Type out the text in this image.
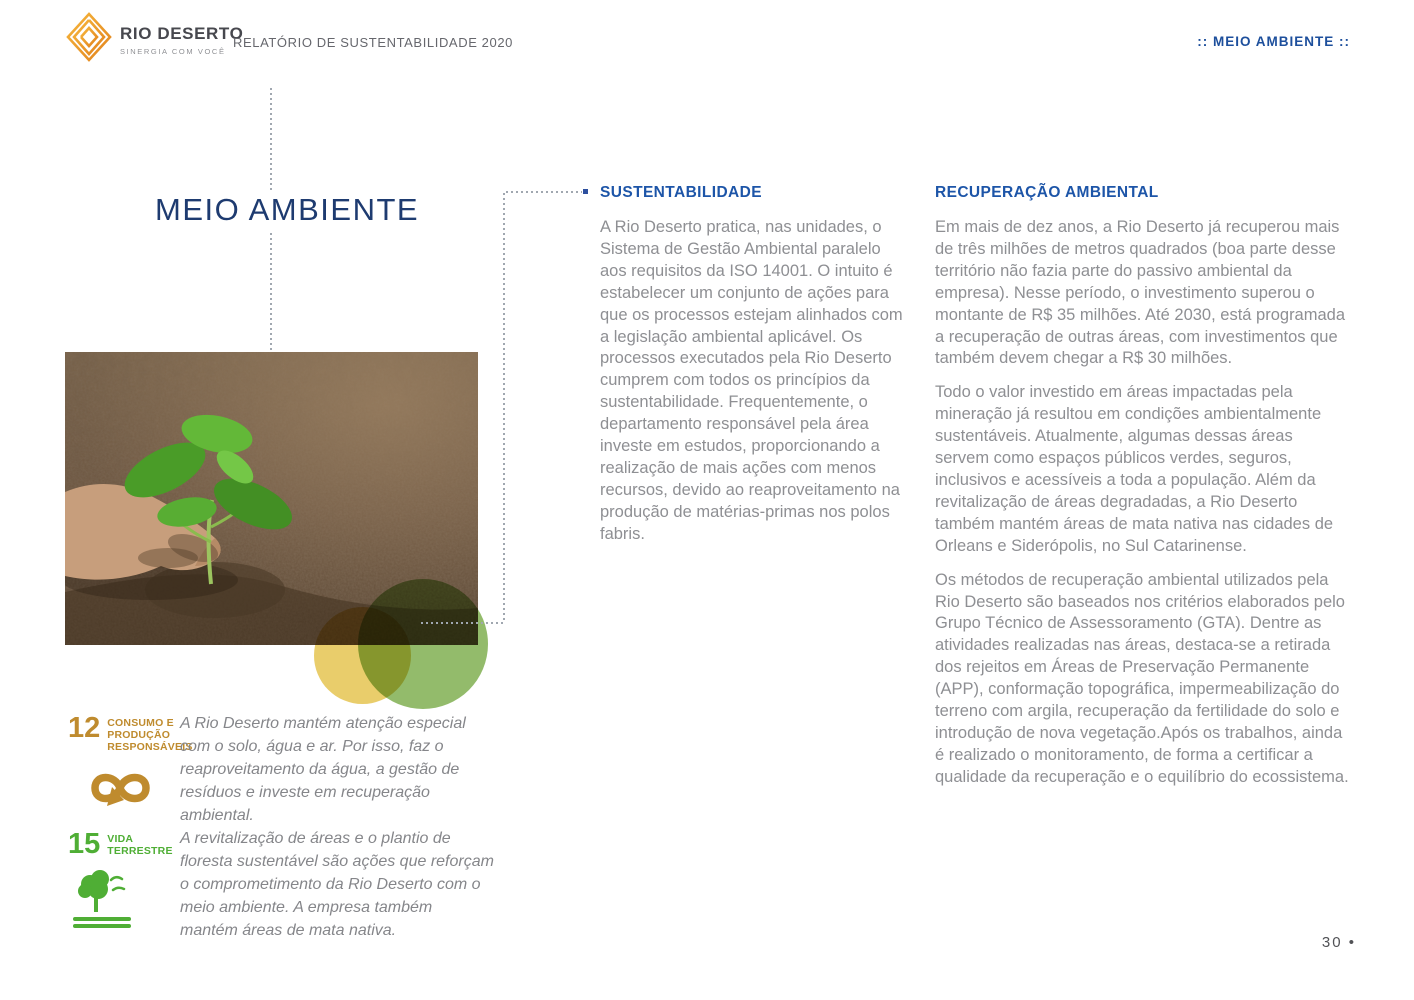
RIO DESERTO
SINERGIA COM VOCÊ
RELATÓRIO DE SUSTENTABILIDADE 2020	:: MEIO AMBIENTE ::
MEIO AMBIENTE	SUSTENTABILIDADE

A Rio Deserto pratica, nas unidades, o Sistema de Gestão Ambiental paralelo aos requisitos da ISO 14001. O intuito é estabelecer um conjunto de ações para que os processos estejam alinhados com a legislação ambiental aplicável. Os processos executados pela Rio Deserto cumprem com todos os princípios da sustentabilidade. Frequentemente, o departamento responsável pela área investe em estudos, proporcionando a realização de mais ações com menos recursos, devido ao reaproveitamento na produção de matérias-primas nos polos fabris.

RECUPERAÇÃO AMBIENTAL

Em mais de dez anos, a Rio Deserto já recuperou mais de três milhões de metros quadrados (boa parte desse território não fazia parte do passivo ambiental da empresa). Nesse período, o investimento superou o montante de R$ 35 milhões. Até 2030, está programada a recuperação de outras áreas, com investimentos que também devem chegar a R$ 30 milhões.

Todo o valor investido em áreas impactadas pela mineração já resultou em condições ambientalmente sustentáveis. Atualmente, algumas dessas áreas servem como espaços públicos verdes, seguros, inclusivos e acessíveis a toda a população. Além da revitalização de áreas degradadas, a Rio Deserto também mantém áreas de mata nativa nas cidades de Orleans e Siderópolis, no Sul Catarinense.

Os métodos de recuperação ambiental utilizados pela Rio Deserto são baseados nos critérios elaborados pelo Grupo Técnico de Assessoramento (GTA). Dentre as atividades realizadas nas áreas, destaca-se a retirada dos rejeitos em Áreas de Preservação Permanente (APP), conformação topográfica, impermeabilização do terreno com argila, recuperação da fertilidade do solo e introdução de nova vegetação.Após os trabalhos, ainda é realizado o monitoramento, de forma a certificar a qualidade da recuperação e o equilíbrio do ecossistema.

12 CONSUMO E
PRODUÇÃO
RESPONSÁVEIS

A Rio Deserto mantém atenção especial com o solo, água e ar. Por isso, faz o reaproveitamento da água, a gestão de resíduos e investe em recuperação ambiental.

15 VIDA
TERRESTRE

A revitalização de áreas e o plantio de floresta sustentável são ações que reforçam o comprometimento da Rio Deserto com o meio ambiente. A empresa também mantém áreas de mata nativa.

30 •
